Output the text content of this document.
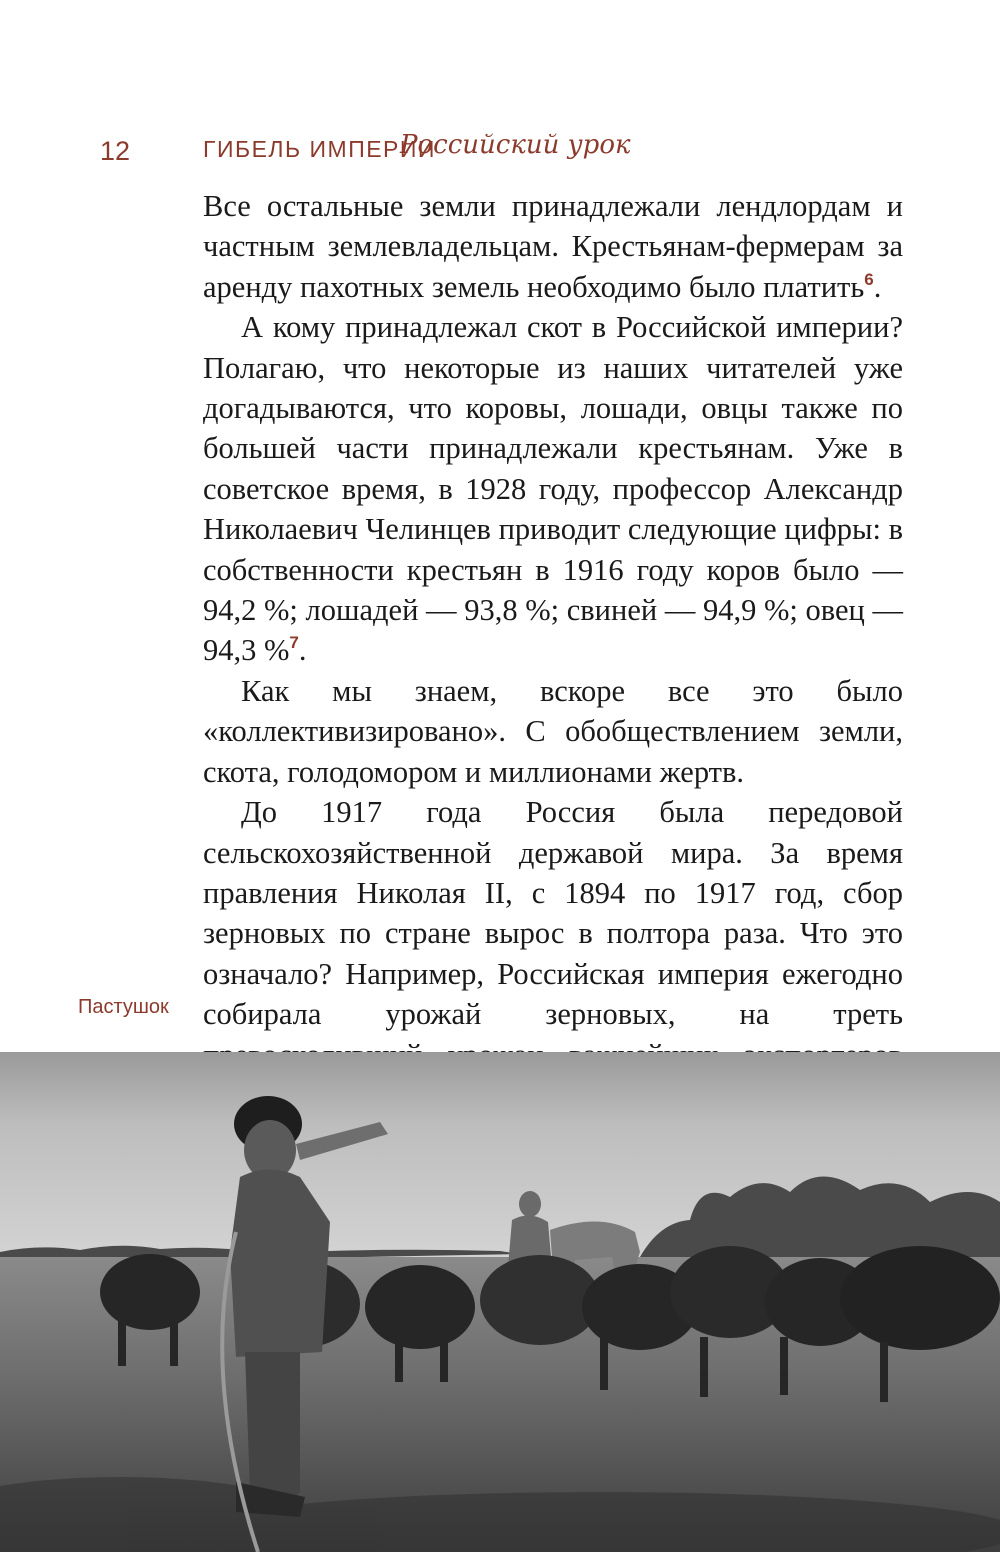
12	ГИБЕЛЬ ИМПЕРИИ
Российский урок

Все остальные земли принадлежали лендлордам и частным землевладельцам. Крестьянам-фермерам за аренду пахотных земель необходимо было платить$^6$.

А кому принадлежал скот в Российской империи? Полагаю, что некоторые из наших читателей уже догадываются, что коровы, лошади, овцы также по большей части принадлежали крестьянам. Уже в советское время, в 1928 году, профессор Александр Николаевич Челинцев приводит следующие цифры: в собственности крестьян в 1916 году коров было — 94,2 %; лошадей — 93,8 %; свиней — 94,9 %; овец — 94,3 %$^7$.

Как мы знаем, вскоре все это было «коллективизировано». С обобществлением земли, скота, голодомором и миллионами жертв.

До 1917 года Россия была передовой сельскохозяйственной державой мира. За время правления Николая II, с 1894 по 1917 год, сбор зерновых по стране вырос в полтора раза. Что это означало? Например, Российская империя ежегодно собирала урожай зерновых, на треть

Пастушок
